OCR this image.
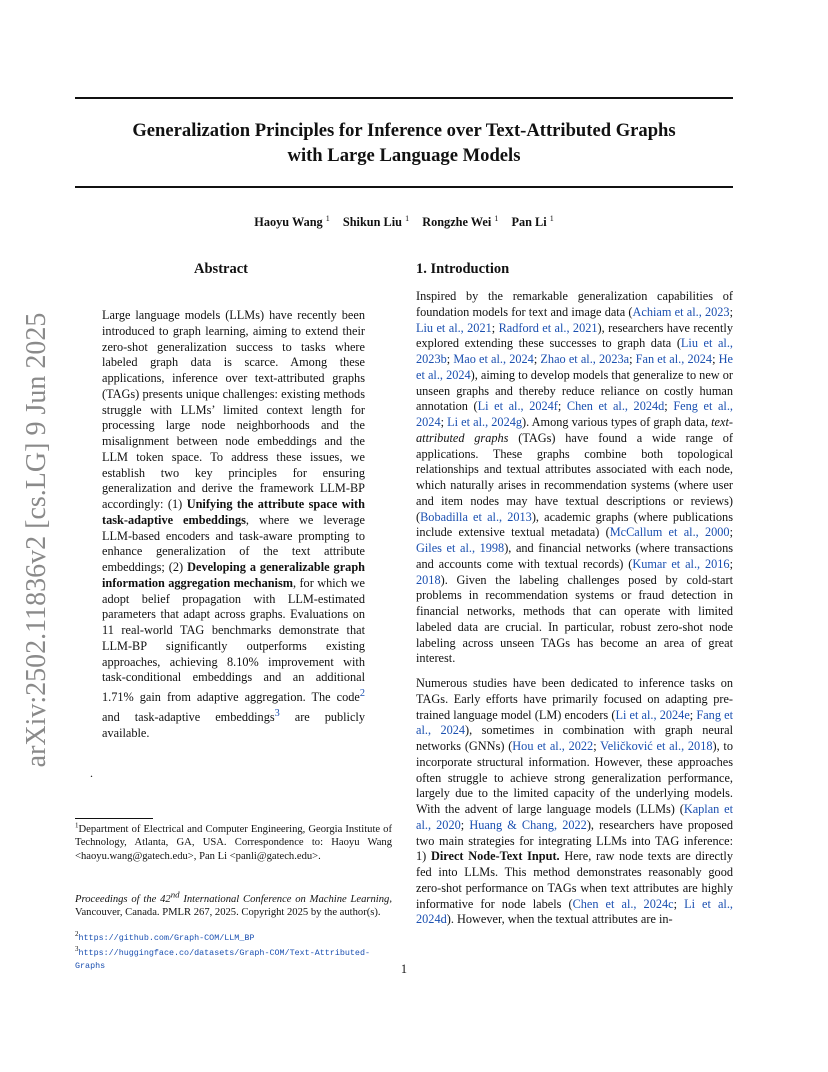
arXiv:2502.11836v2 [cs.LG] 9 Jun 2025
Generalization Principles for Inference over Text-Attributed Graphs
with Large Language Models
Haoyu Wang $^1$ Shikun Liu $^1$ Rongzhe Wei $^1$ Pan Li $^1$
Abstract

Large language models (LLMs) have recently been introduced to graph learning, aiming to extend their zero-shot generalization success to tasks where labeled graph data is scarce. Among these applications, inference over text-attributed graphs (TAGs) presents unique challenges: existing methods struggle with LLMs’ limited context length for processing large node neighborhoods and the misalignment between node embeddings and the LLM token space. To address these issues, we establish two key principles for ensuring generalization and derive the framework LLM-BP accordingly: (1) Unifying the attribute space with task-adaptive embeddings, where we leverage LLM-based encoders and task-aware prompting to enhance generalization of the text attribute embeddings; (2) Developing a generalizable graph information aggregation mechanism, for which we adopt belief propagation with LLM-estimated parameters that adapt across graphs. Evaluations on 11 real-world TAG benchmarks demonstrate that LLM-BP significantly outperforms existing approaches, achieving 8.10% improvement with task-conditional embeddings and an additional 1.71% gain from adaptive aggregation. The code$^2$ and task-adaptive embeddings$^3$ are publicly available.

.
1. Introduction

Inspired by the remarkable generalization capabilities of foundation models for text and image data (Achiam et al., 2023; Liu et al., 2021; Radford et al., 2021), researchers have recently explored extending these successes to graph data (Liu et al., 2023b; Mao et al., 2024; Zhao et al., 2023a; Fan et al., 2024; He et al., 2024), aiming to develop models that generalize to new or unseen graphs and thereby reduce reliance on costly human annotation (Li et al., 2024f; Chen et al., 2024d; Feng et al., 2024; Li et al., 2024g). Among various types of graph data, text-attributed graphs (TAGs) have found a wide range of applications. These graphs combine both topological relationships and textual attributes associated with each node, which naturally arises in recommendation systems (where user and item nodes may have textual descriptions or reviews) (Bobadilla et al., 2013), academic graphs (where publications include extensive textual metadata) (McCallum et al., 2000; Giles et al., 1998), and financial networks (where transactions and accounts come with textual records) (Kumar et al., 2016; 2018). Given the labeling challenges posed by cold-start problems in recommendation systems or fraud detection in financial networks, methods that can operate with limited labeled data are crucial. In particular, robust zero-shot node labeling across unseen TAGs has become an area of great interest.

Numerous studies have been dedicated to inference tasks on TAGs. Early efforts have primarily focused on adapting pre-trained language model (LM) encoders (Li et al., 2024e; Fang et al., 2024), sometimes in combination with graph neural networks (GNNs) (Hou et al., 2022; Veličković et al., 2018), to incorporate structural information. However, these approaches often struggle to achieve strong generalization performance, largely due to the limited capacity of the underlying models. With the advent of large language models (LLMs) (Kaplan et al., 2020; Huang & Chang, 2022), researchers have proposed two main strategies for integrating LLMs into TAG inference: 1) Direct Node-Text Input. Here, raw node texts are directly fed into LLMs. This method demonstrates reasonably good zero-shot performance on TAGs when text attributes are highly informative for node labels (Chen et al., 2024c; Li et al., 2024d). However, when the textual attributes are in-

$^1$Department of Electrical and Computer Engineering, Georgia Institute of Technology, Atlanta, GA, USA. Correspondence to: Haoyu Wang <haoyu.wang@gatech.edu>, Pan Li <panli@gatech.edu>.
Proceedings of the 42nd International Conference on Machine Learning, Vancouver, Canada. PMLR 267, 2025. Copyright 2025 by the author(s).
$^2$https://github.com/Graph-COM/LLM_BP
$^3$https://huggingface.co/datasets/Graph-COM/Text-Attributed-Graphs	1
